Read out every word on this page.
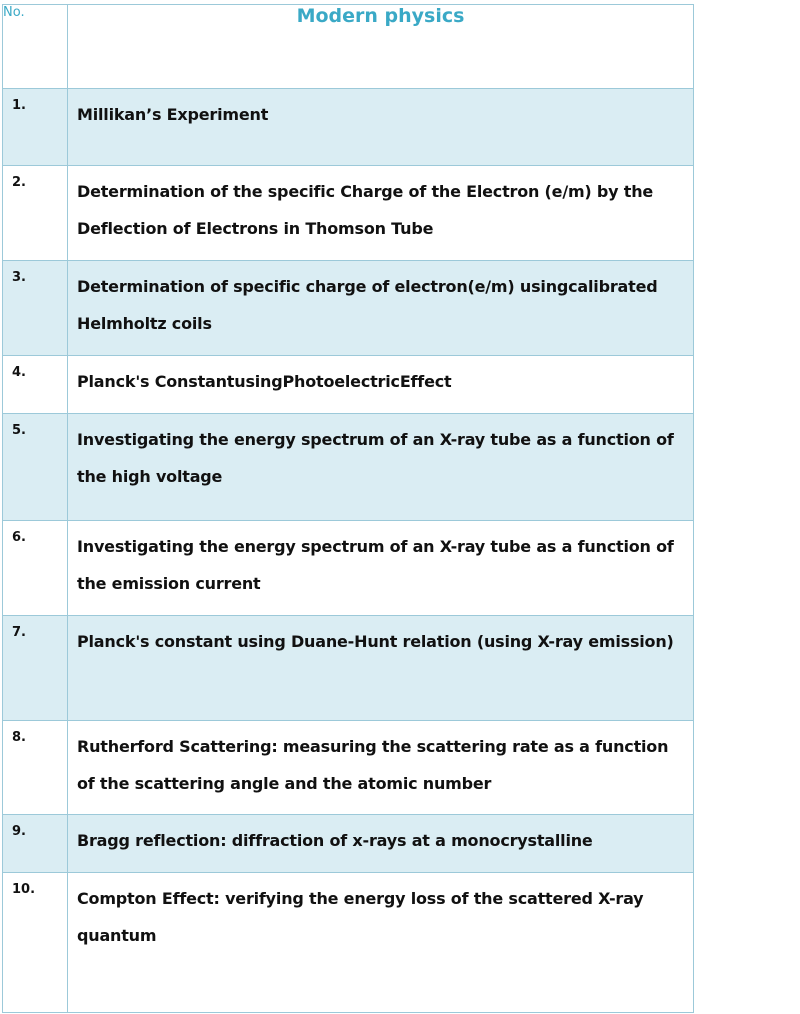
No.	Modern physics
1.	Millikan’s Experiment
2.	Determination of the specific Charge of the Electron (e/m) by the Deflection of Electrons in Thomson Tube
3.	Determination of specific charge of electron(e/m) usingcalibrated Helmholtz coils
4.	Planck's ConstantusingPhotoelectricEffect
5.	Investigating the energy spectrum of an X-ray tube as a function of the high voltage
6.	Investigating the energy spectrum of an X-ray tube as a function of the emission current
7.	Planck's constant using Duane-Hunt relation (using X-ray emission)
8.	Rutherford Scattering: measuring the scattering rate as a function of the scattering angle and the atomic number
9.	Bragg reflection: diffraction of x-rays at a monocrystalline
10.	Compton Effect: verifying the energy loss of the scattered X-ray quantum
